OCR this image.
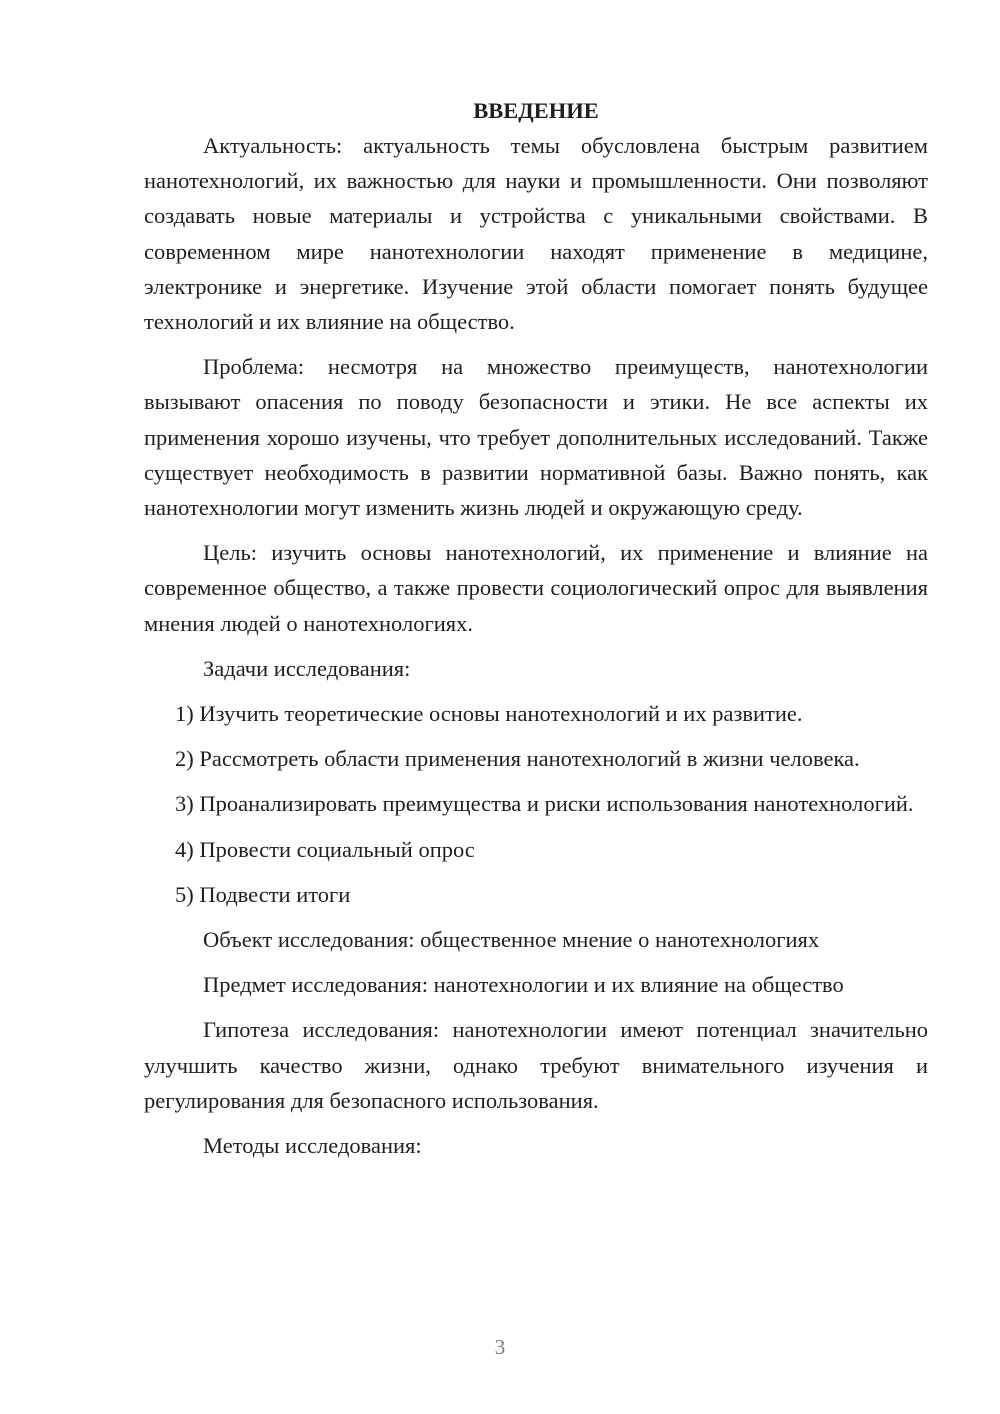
ВВЕДЕНИЕ

Актуальность: актуальность темы обусловлена быстрым развитием нанотехнологий, их важностью для науки и промышленности. Они позволяют создавать новые материалы и устройства с уникальными свойствами. В современном мире нанотехнологии находят применение в медицине, электронике и энергетике. Изучение этой области помогает понять будущее технологий и их влияние на общество.

Проблема: несмотря на множество преимуществ, нанотехнологии вызывают опасения по поводу безопасности и этики. Не все аспекты их применения хорошо изучены, что требует дополнительных исследований. Также существует необходимость в развитии нормативной базы. Важно понять, как нанотехнологии могут изменить жизнь людей и окружающую среду.

Цель: изучить основы нанотехнологий, их применение и влияние на современное общество, а также провести социологический опрос для выявления мнения людей о нанотехнологиях.

Задачи исследования:

1) Изучить теоретические основы нанотехнологий и их развитие.

2) Рассмотреть области применения нанотехнологий в жизни человека.

3) Проанализировать преимущества и риски использования нанотехнологий.

4) Провести социальный опрос

5) Подвести итоги

Объект исследования: общественное мнение о нанотехнологиях

Предмет исследования: нанотехнологии и их влияние на общество

Гипотеза исследования: нанотехнологии имеют потенциал значительно улучшить качество жизни, однако требуют внимательного изучения и регулирования для безопасного использования.

Методы исследования:

3
